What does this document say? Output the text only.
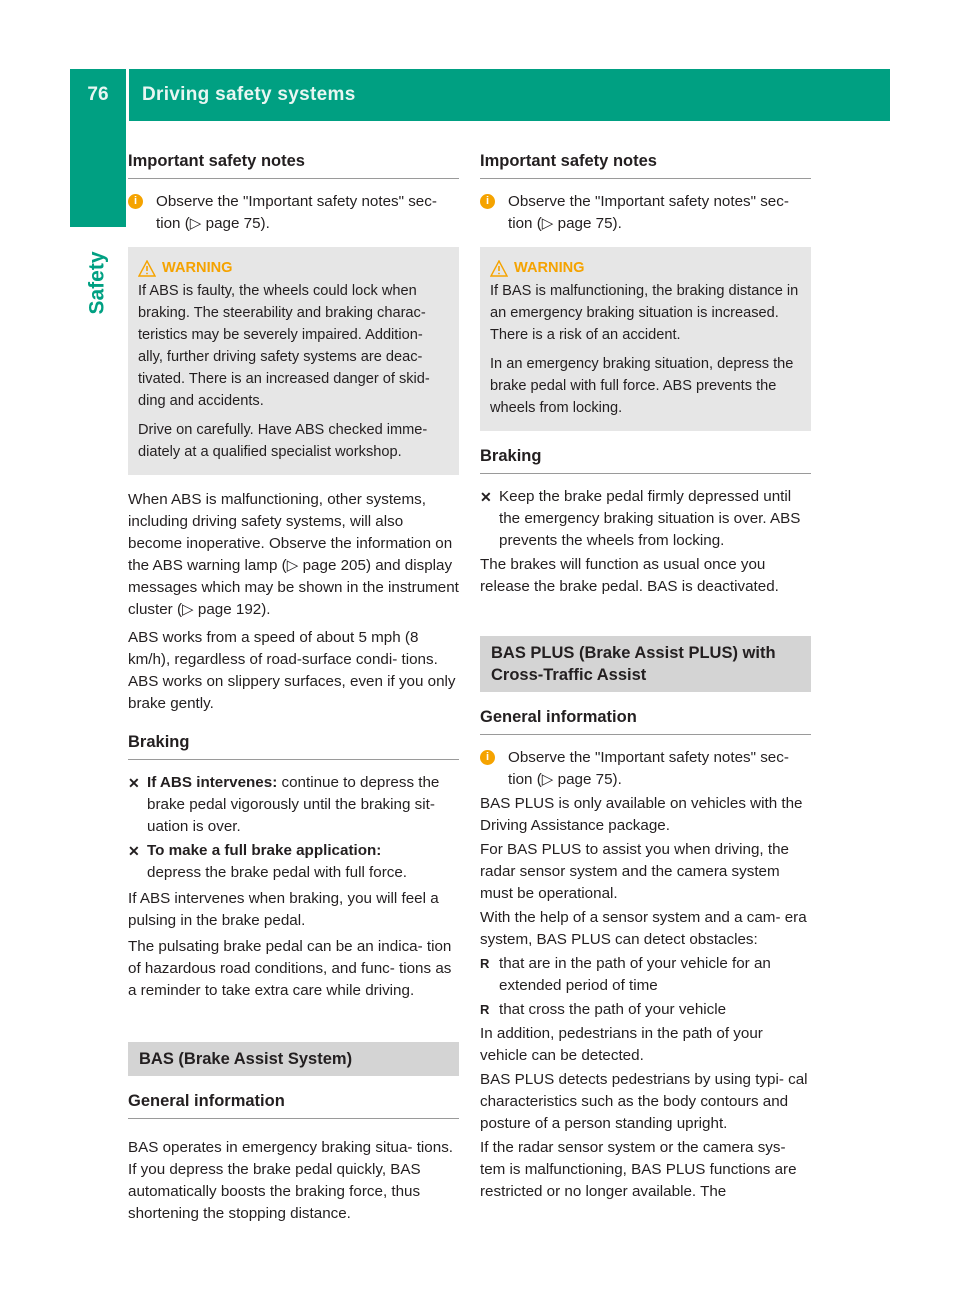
76	Driving safety systems
Safety
Important safety notes
i	Observe the "Important safety notes" sec-
tion (▷ page 75).
WARNING

If ABS is faulty, the wheels could lock when braking. The steerability and braking charac- teristics may be severely impaired. Addition- ally, further driving safety systems are deac- tivated. There is an increased danger of skid- ding and accidents.

Drive on carefully. Have ABS checked imme- diately at a qualified specialist workshop.

When ABS is malfunctioning, other systems, including driving safety systems, will also become inoperative. Observe the information on the ABS warning lamp (▷ page 205) and display messages which may be shown in the instrument cluster (▷ page 192).

ABS works from a speed of about 5 mph (8 km/h), regardless of road-surface condi- tions. ABS works on slippery surfaces, even if you only brake gently.

Braking
✕ If ABS intervenes: continue to depress the brake pedal vigorously until the braking sit- uation is over.
✕ To make a full brake application:
depress the brake pedal with full force.

If ABS intervenes when braking, you will feel a pulsing in the brake pedal.

The pulsating brake pedal can be an indica- tion of hazardous road conditions, and func- tions as a reminder to take extra care while driving.

BAS (Brake Assist System)
General information

BAS operates in emergency braking situa- tions. If you depress the brake pedal quickly, BAS automatically boosts the braking force, thus shortening the stopping distance.

Important safety notes
i	Observe the "Important safety notes" sec-
tion (▷ page 75).
WARNING

If BAS is malfunctioning, the braking distance in an emergency braking situation is increased. There is a risk of an accident.

In an emergency braking situation, depress the brake pedal with full force. ABS prevents the wheels from locking.

Braking
✕ Keep the brake pedal firmly depressed until the emergency braking situation is over. ABS prevents the wheels from locking.

The brakes will function as usual once you release the brake pedal. BAS is deactivated.

BAS PLUS (Brake Assist PLUS) with Cross-Traffic Assist
General information
i	Observe the "Important safety notes" sec-
tion (▷ page 75).

BAS PLUS is only available on vehicles with the Driving Assistance package.

For BAS PLUS to assist you when driving, the radar sensor system and the camera system must be operational.

With the help of a sensor system and a cam- era system, BAS PLUS can detect obstacles:

R that are in the path of your vehicle for an extended period of time
R that cross the path of your vehicle

In addition, pedestrians in the path of your vehicle can be detected.

BAS PLUS detects pedestrians by using typi- cal characteristics such as the body contours and posture of a person standing upright.

If the radar sensor system or the camera sys- tem is malfunctioning, BAS PLUS functions are restricted or no longer available. The
